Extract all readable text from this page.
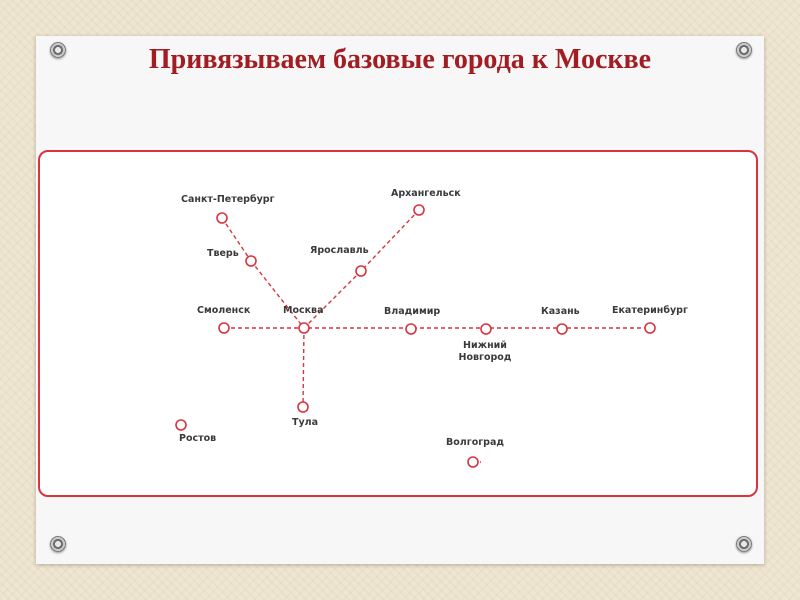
Привязываем базовые города к Москве
Санкт-Петербург
Тверь
Архангельск
Ярославль
Смоленск	Москва	Владимир
Нижний
Новгород
Казань	Екатеринбург
Тула
Ростов	Волгоград
